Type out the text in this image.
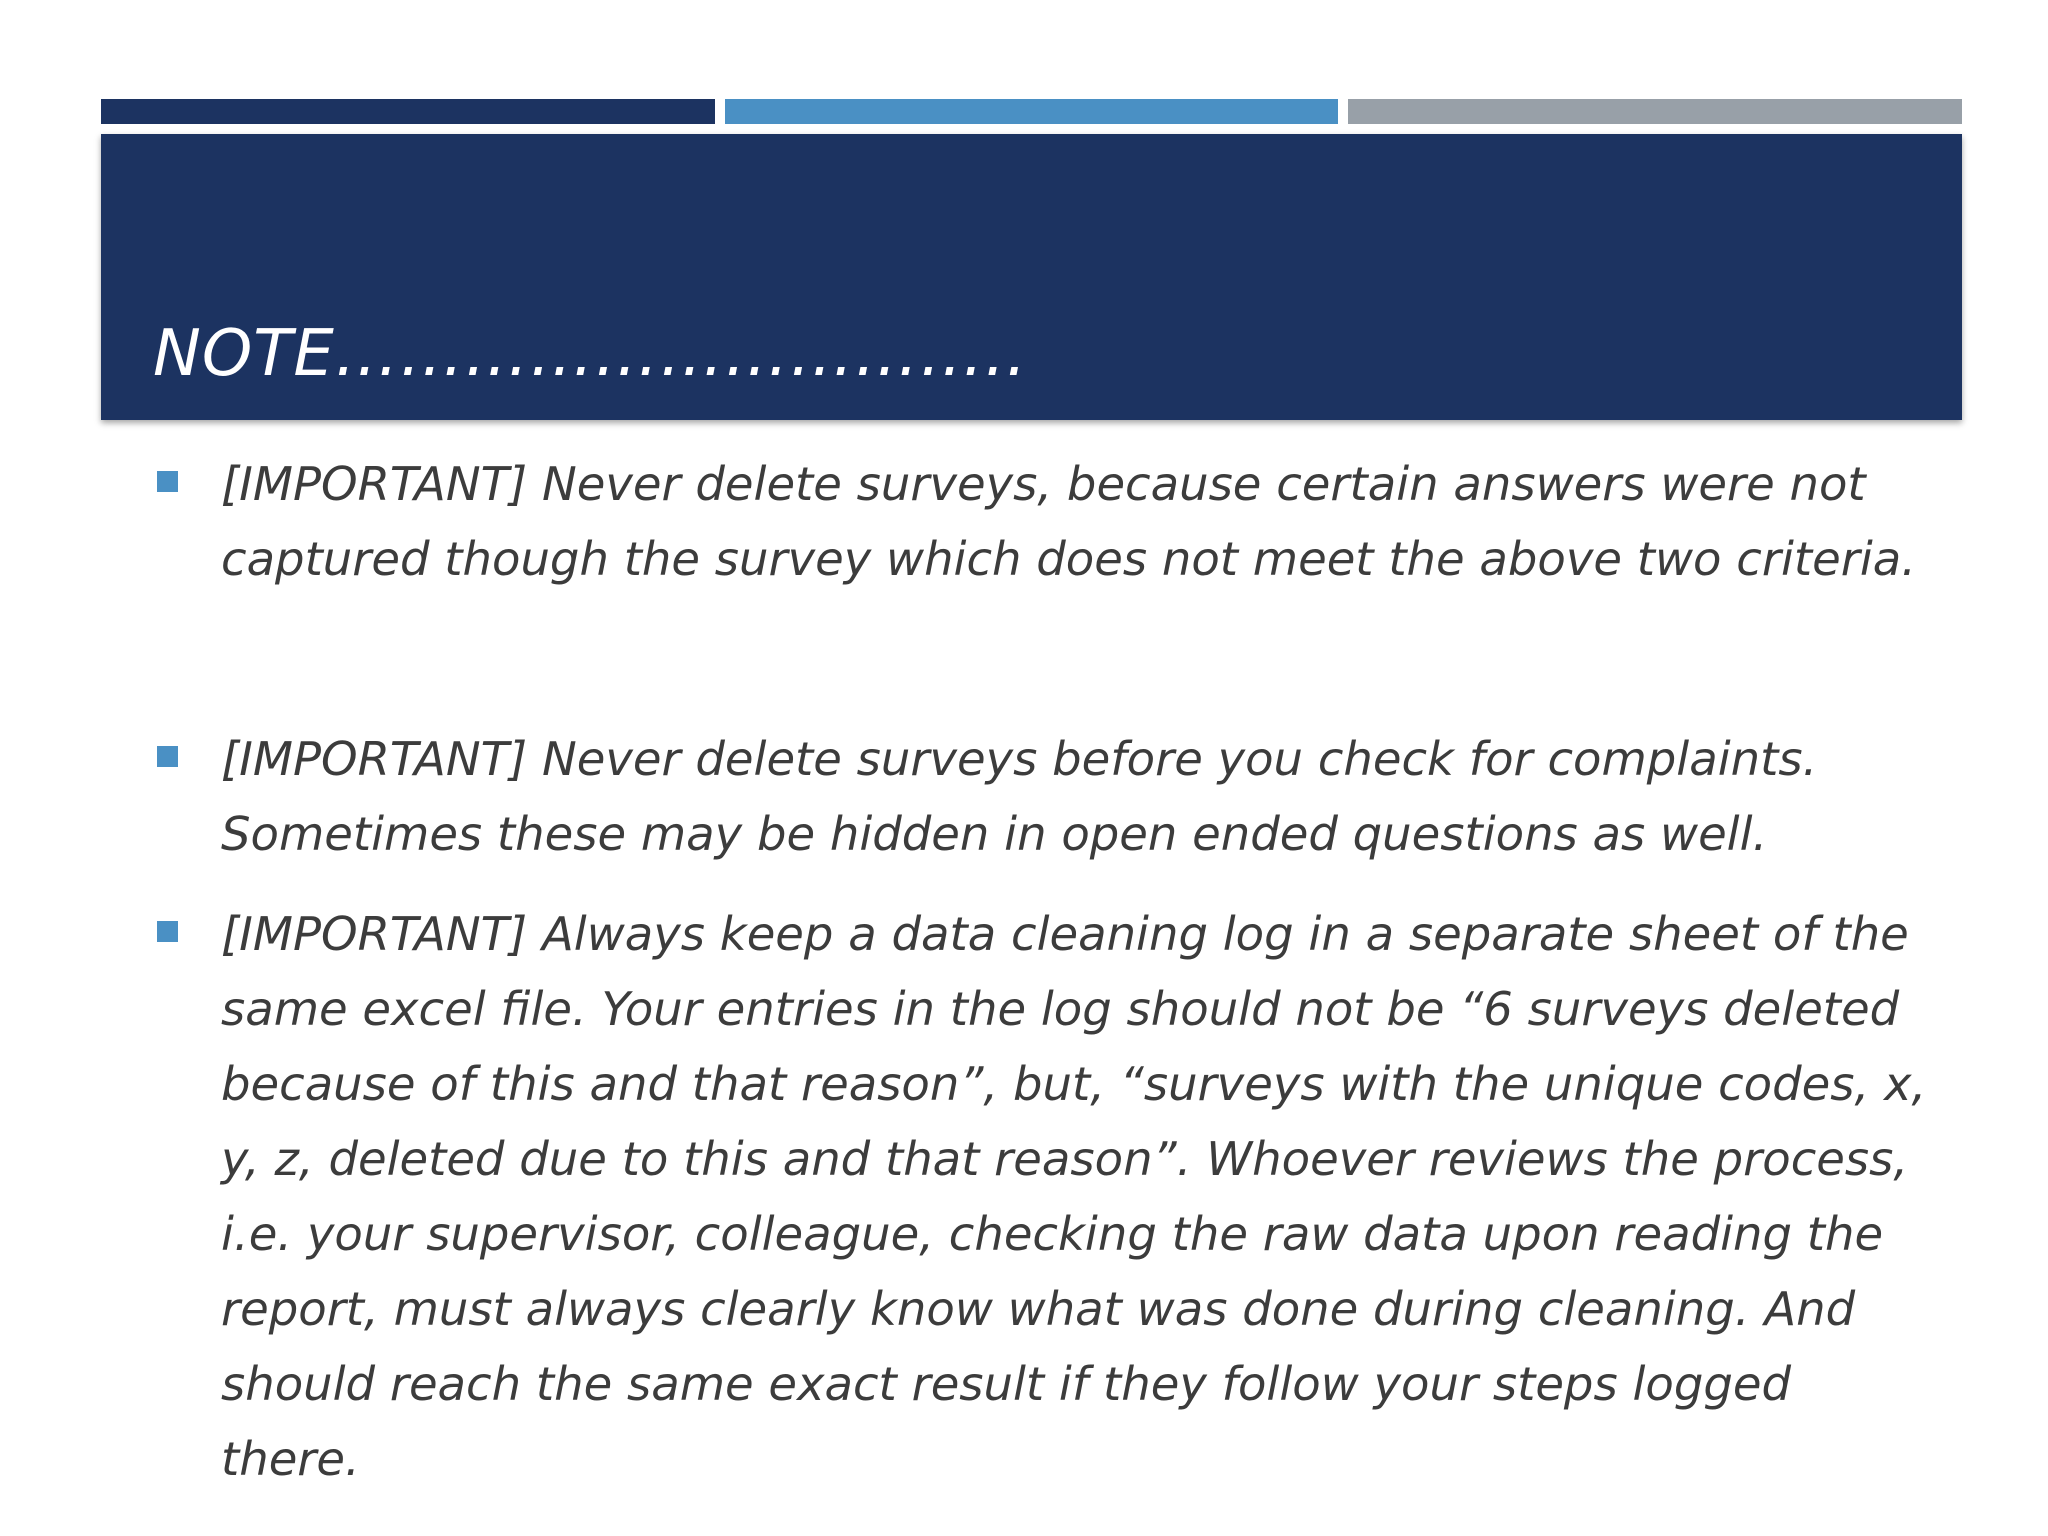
NOTE…………………………..

[IMPORTANT] Never delete surveys, because certain answers were not captured though the survey which does not meet the above two criteria.

[IMPORTANT] Never delete surveys before you check for complaints. Sometimes these may be hidden in open ended questions as well.

[IMPORTANT] Always keep a data cleaning log in a separate sheet of the same excel file. Your entries in the log should not be “6 surveys deleted because of this and that reason”, but, “surveys with the unique codes, x, y, z, deleted due to this and that reason”. Whoever reviews the process, i.e. your supervisor, colleague, checking the raw data upon reading the report, must always clearly know what was done during cleaning. And should reach the same exact result if they follow your steps logged there.
